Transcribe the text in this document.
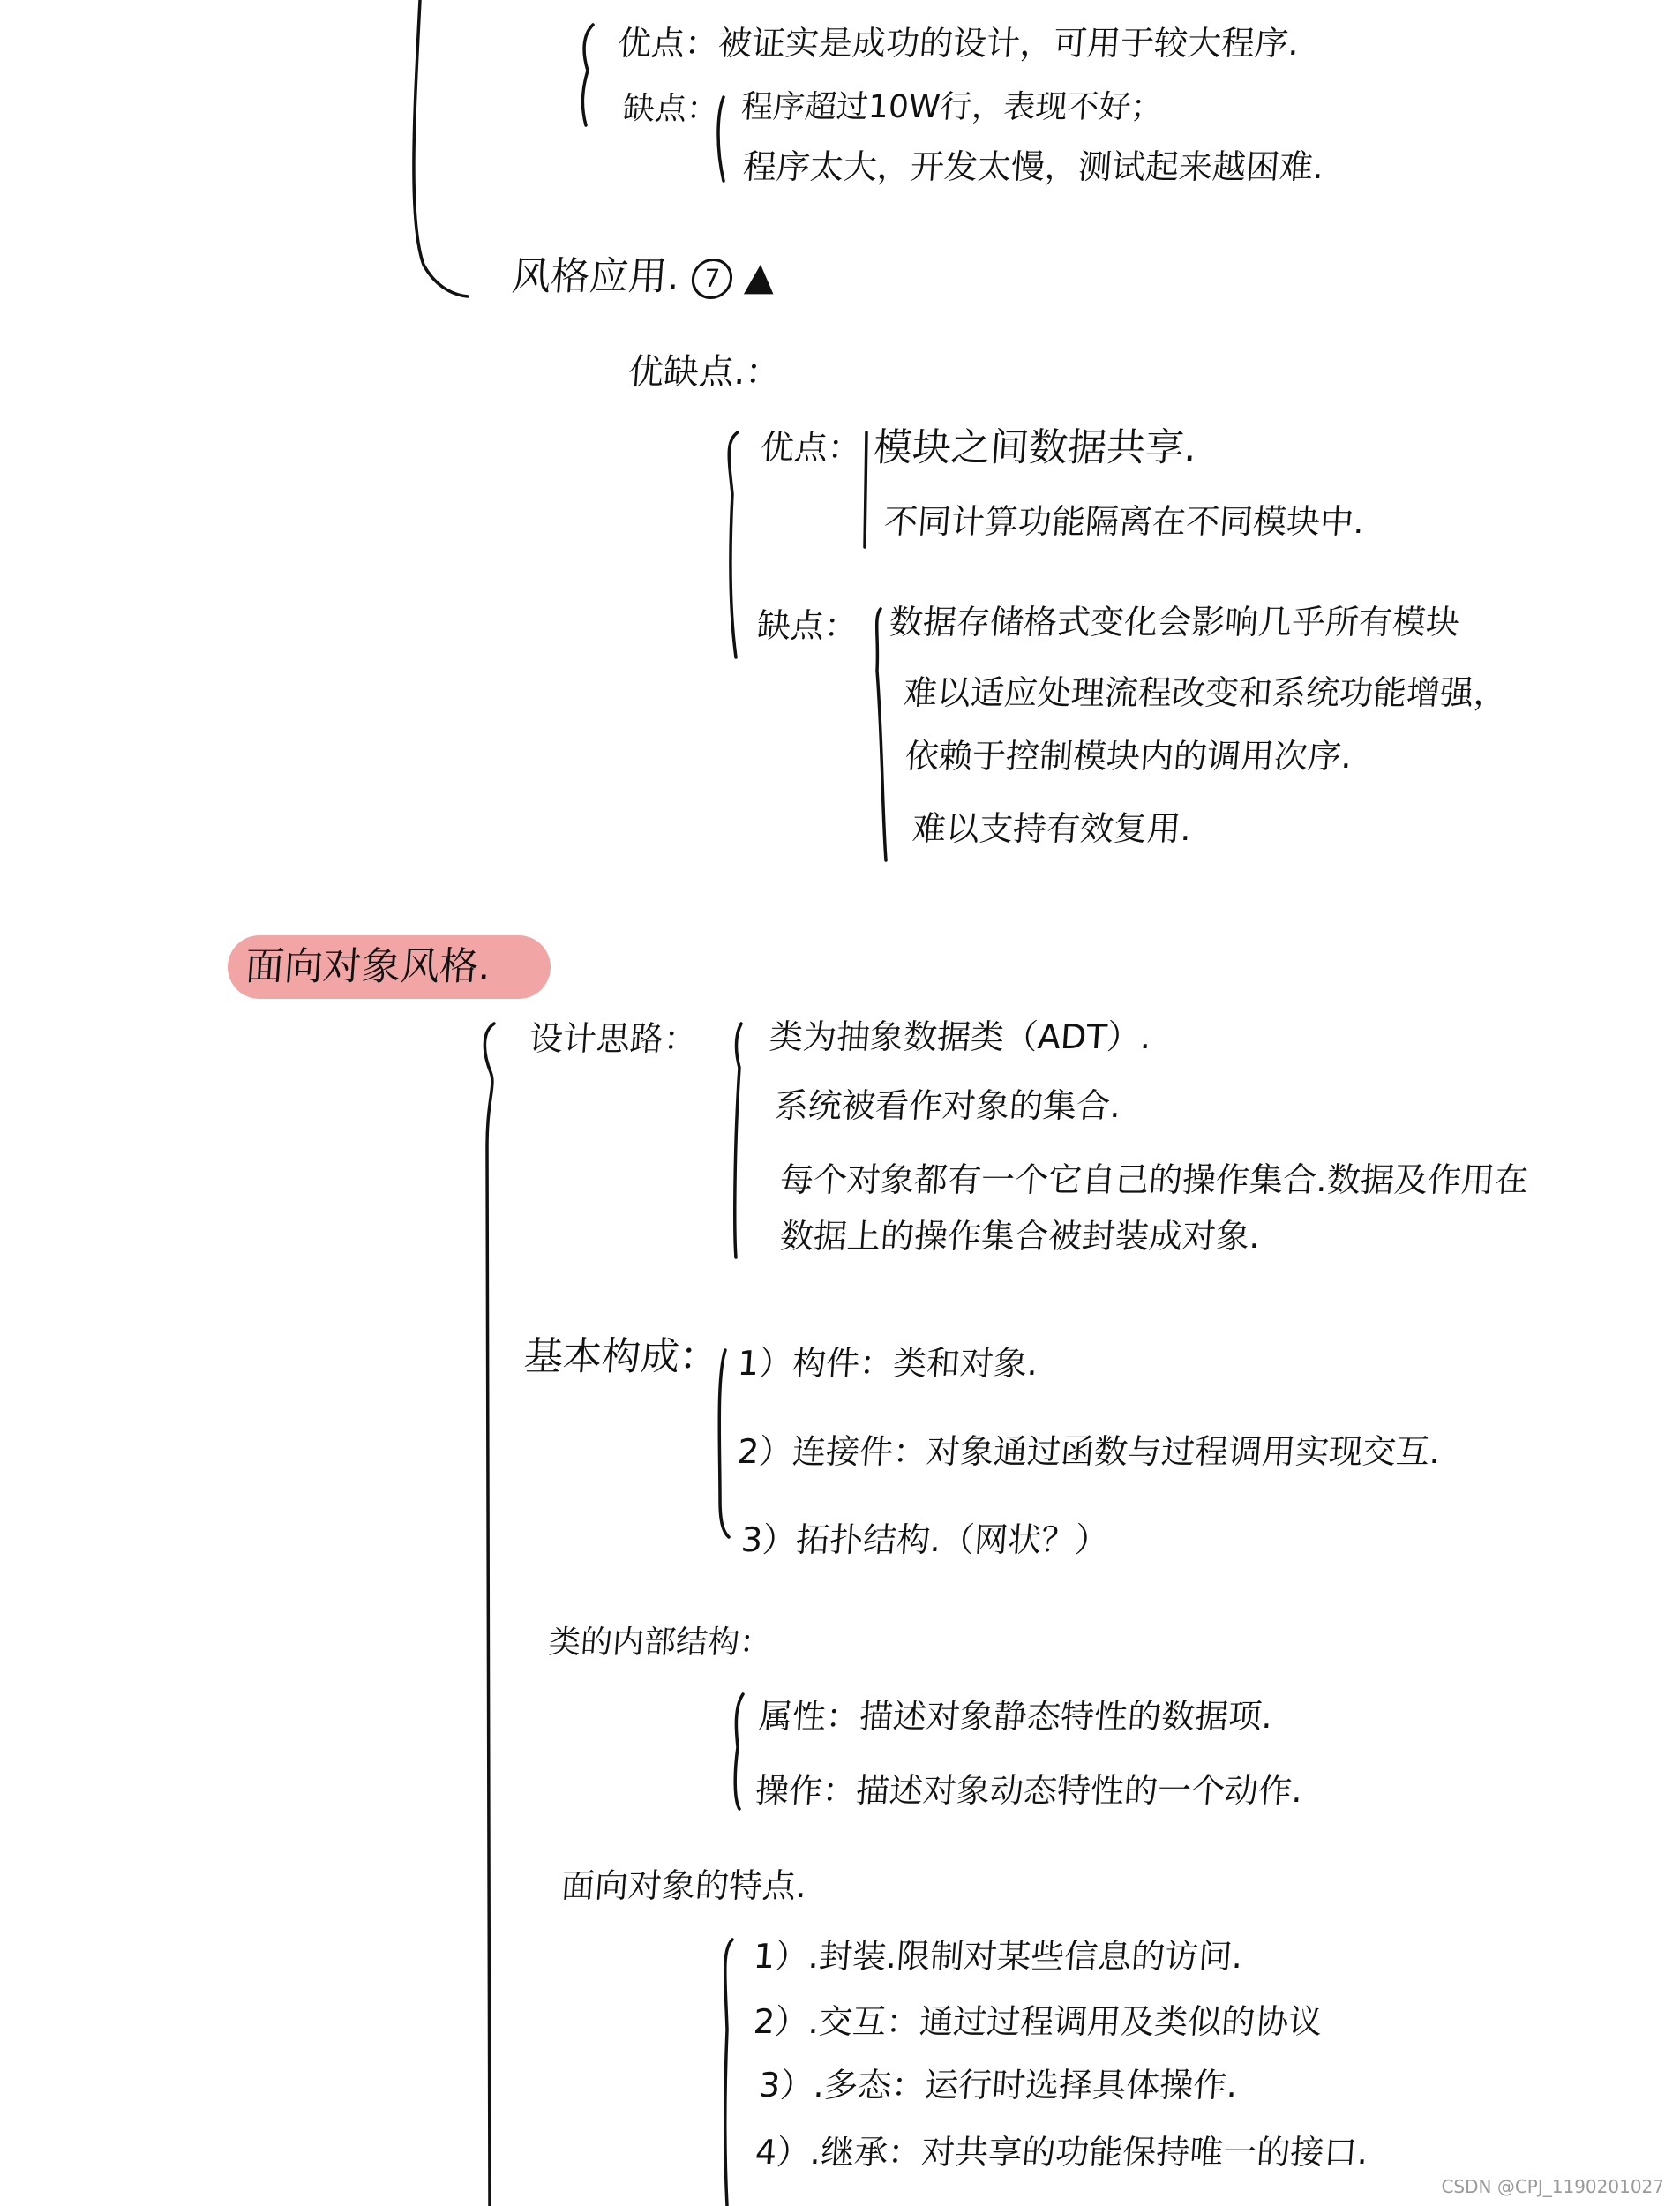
优点：被证实是成功的设计，可用于较大程序.
缺点： 程序超过10W行，表现不好；
程序太大，开发太慢，测试起来越困难.
风格应用. 7 ▲
优缺点.：
优点： 模块之间数据共享.
不同计算功能隔离在不同模块中.
缺点： 数据存储格式变化会影响几乎所有模块
难以适应处理流程改变和系统功能增强，
依赖于控制模块内的调用次序.
难以支持有效复用.
面向对象风格.
设计思路： 类为抽象数据类（ADT）.
系统被看作对象的集合.
每个对象都有一个它自己的操作集合.数据及作用在
数据上的操作集合被封装成对象.
基本构成： 1）构件：类和对象.
2）连接件：对象通过函数与过程调用实现交互.
3）拓扑结构.（网状？）
类的内部结构：
属性：描述对象静态特性的数据项.
操作：描述对象动态特性的一个动作.
面向对象的特点.
1）.封装.限制对某些信息的访问.
2）.交互：通过过程调用及类似的协议
3）.多态：运行时选择具体操作.
4）.继承：对共享的功能保持唯一的接口.
CSDN @CPJ_1190201027
